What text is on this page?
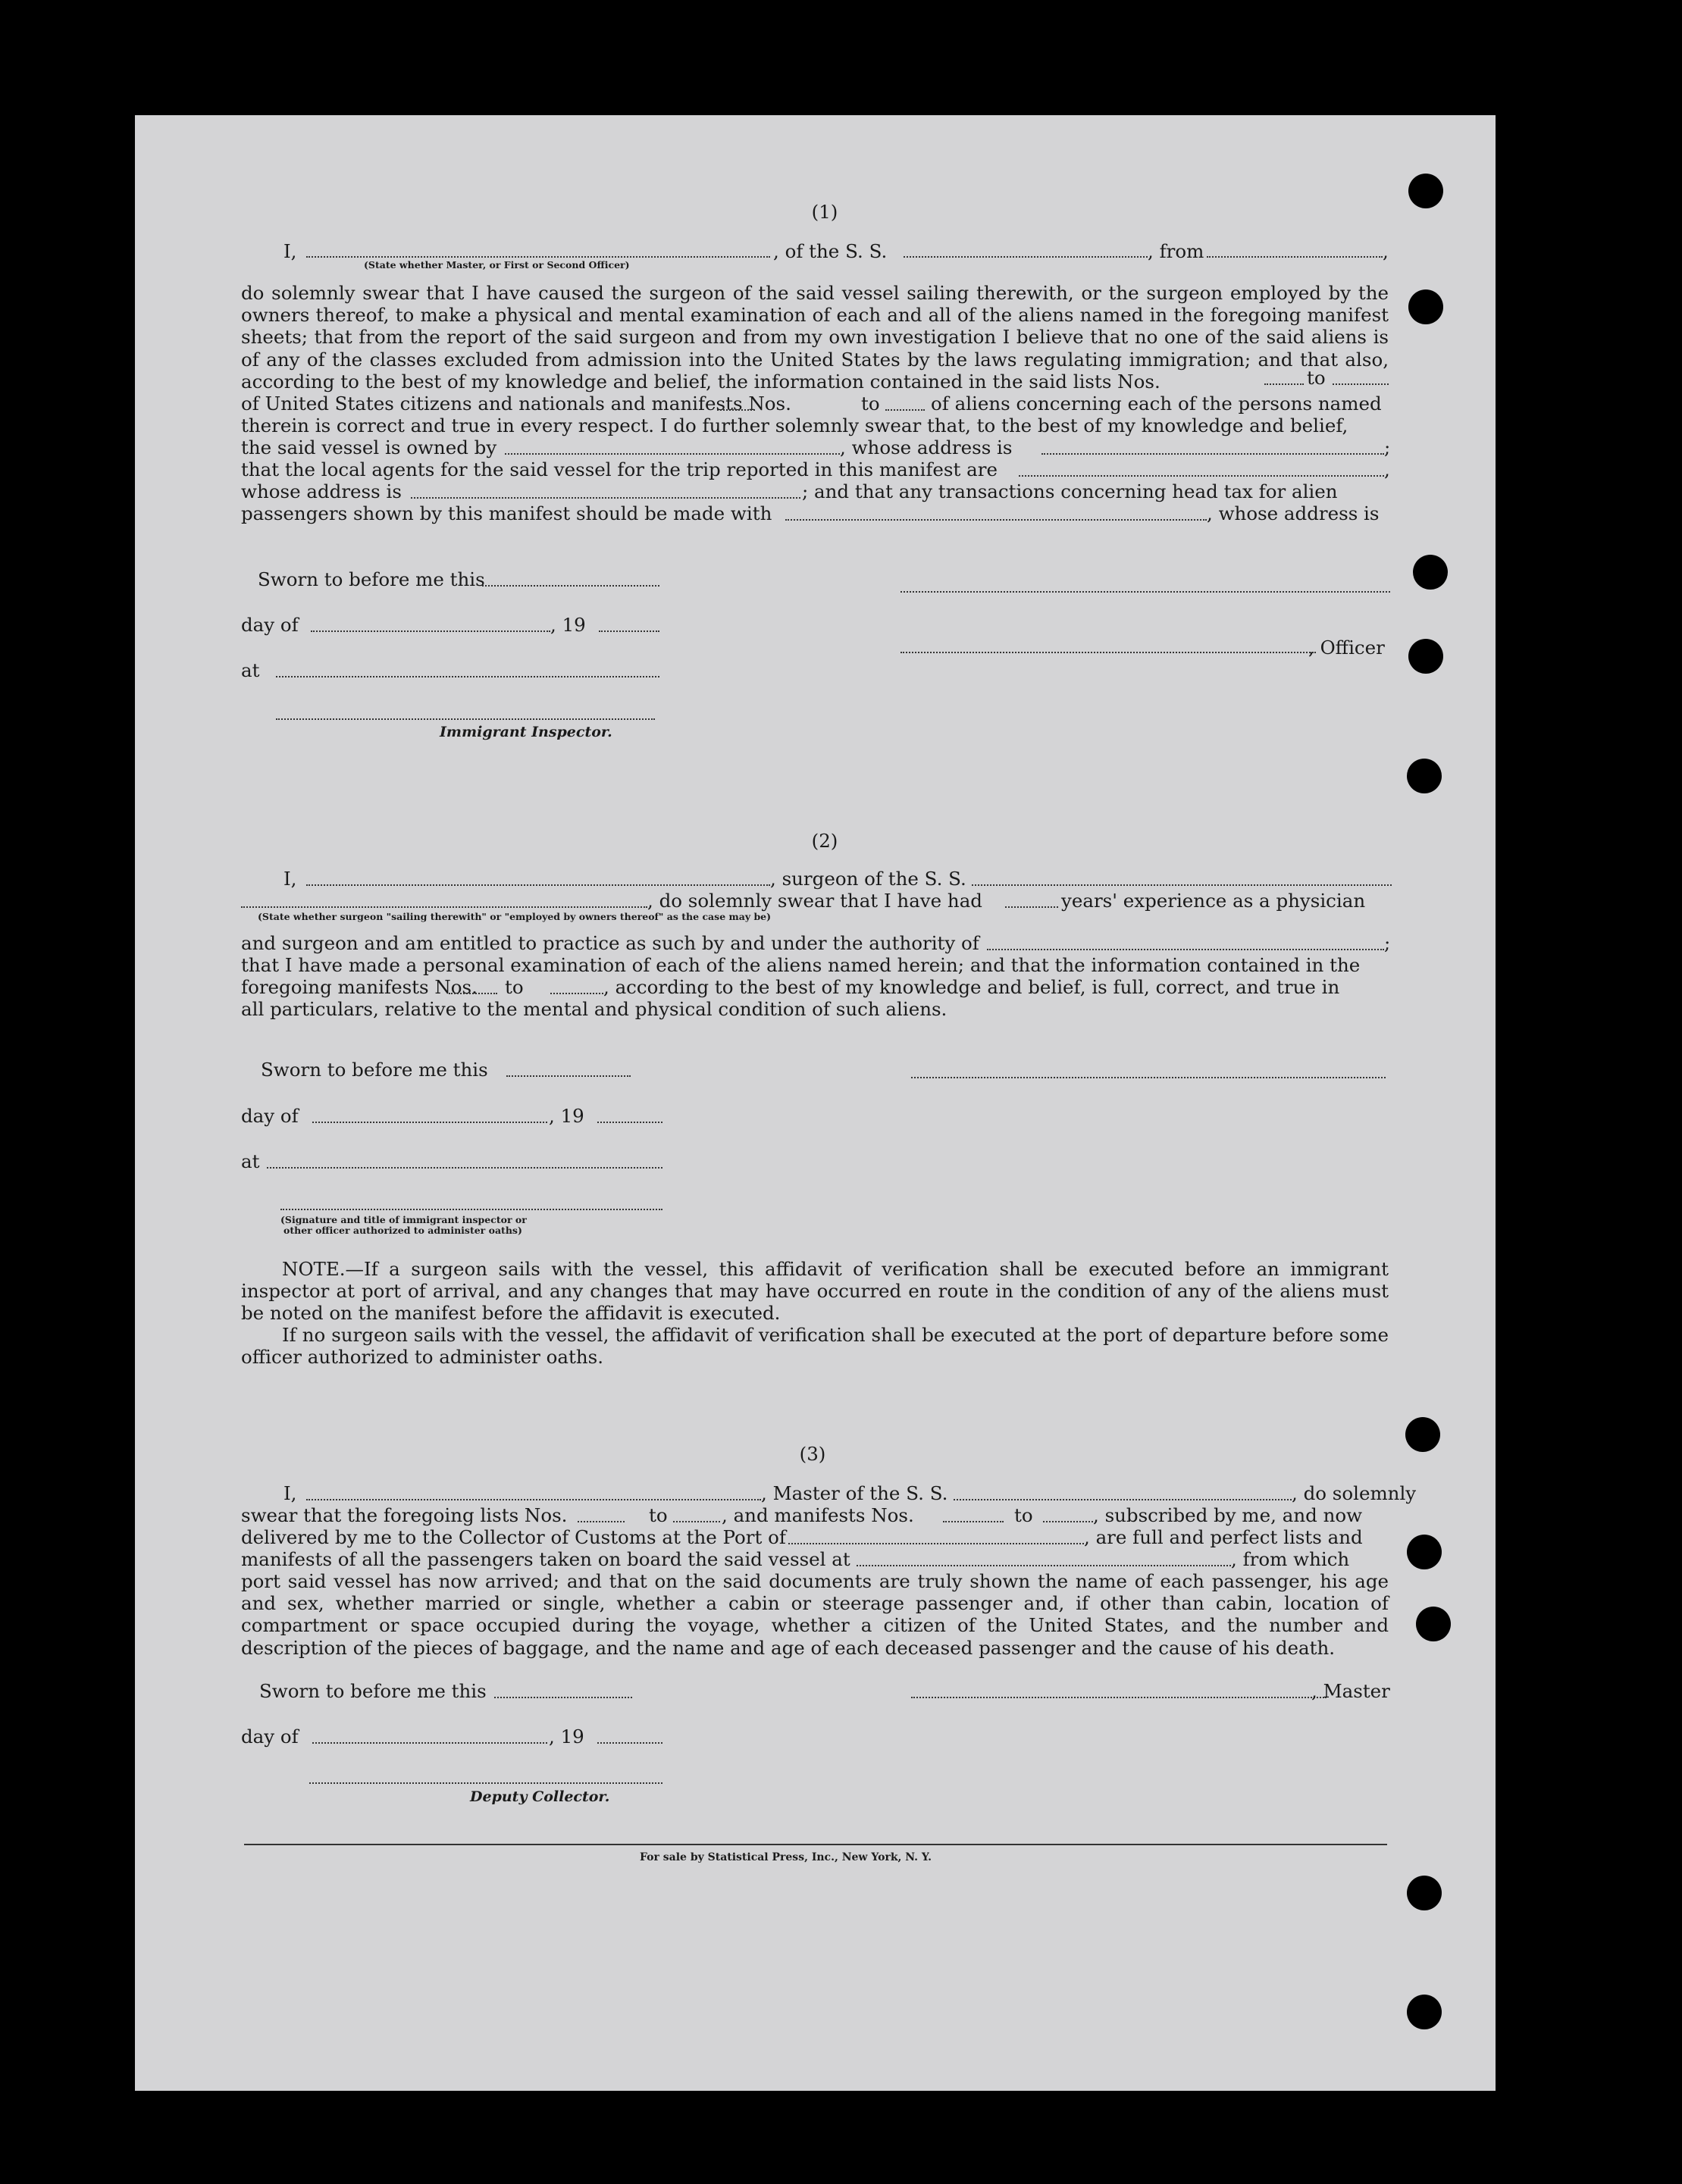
(1)
I,	, of the S. S.	, from	,
(State whether Master, or First or Second Officer)
do solemnly swear that I have caused the surgeon of the said vessel sailing therewith, or the surgeon employed by the owners thereof, to make a physical and mental examination of each and all of the aliens named in the foregoing manifest sheets; that from the report of the said surgeon and from my own investigation I believe that no one of the said aliens is of any of the classes excluded from admission into the United States by the laws regulating immigration; and that also, according to the best of my knowledge and belief, the information contained in the said lists Nos.	to
of United States citizens and nationals and manifests Nos.	to	of aliens concerning each of the persons named
therein is correct and true in every respect. I do further solemnly swear that, to the best of my knowledge and belief,
the said vessel is owned by	, whose address is	;
that the local agents for the said vessel for the trip reported in this manifest are	,
whose address is	; and that any transactions concerning head tax for alien
passengers shown by this manifest should be made with	, whose address is
Sworn to before me this
day of	, 19
, Officer
at
Immigrant Inspector.
(2)
I,	, surgeon of the S. S.
, do solemnly swear that I have had	years' experience as a physician
(State whether surgeon "sailing therewith" or "employed by owners thereof" as the case may be)
and surgeon and am entitled to practice as such by and under the authority of	;
that I have made a personal examination of each of the aliens named herein; and that the information contained in the
foregoing manifests Nos. to	, according to the best of my knowledge and belief, is full, correct, and true in
all particulars, relative to the mental and physical condition of such aliens.
Sworn to before me this
day of	, 19
at
(Signature and title of immigrant inspector or
other officer authorized to administer oaths)
NOTE.—If a surgeon sails with the vessel, this affidavit of verification shall be executed before an immigrant inspector at port of arrival, and any changes that may have occurred en route in the condition of any of the aliens must be noted on the manifest before the affidavit is executed.
If no surgeon sails with the vessel, the affidavit of verification shall be executed at the port of departure before some officer authorized to administer oaths.
(3)
I,	, Master of the S. S.	, do solemnly
swear that the foregoing lists Nos.	to	, and manifests Nos.	to	, subscribed by me, and now
delivered by me to the Collector of Customs at the Port of	, are full and perfect lists and
manifests of all the passengers taken on board the said vessel at	, from which
port said vessel has now arrived; and that on the said documents are truly shown the name of each passenger, his age and sex, whether married or single, whether a cabin or steerage passenger and, if other than cabin, location of compartment or space occupied during the voyage, whether a citizen of the United States, and the number and description of the pieces of baggage, and the name and age of each deceased passenger and the cause of his death.
Sworn to before me this	, Master
day of	, 19
Deputy Collector.
For sale by Statistical Press, Inc., New York, N. Y.
